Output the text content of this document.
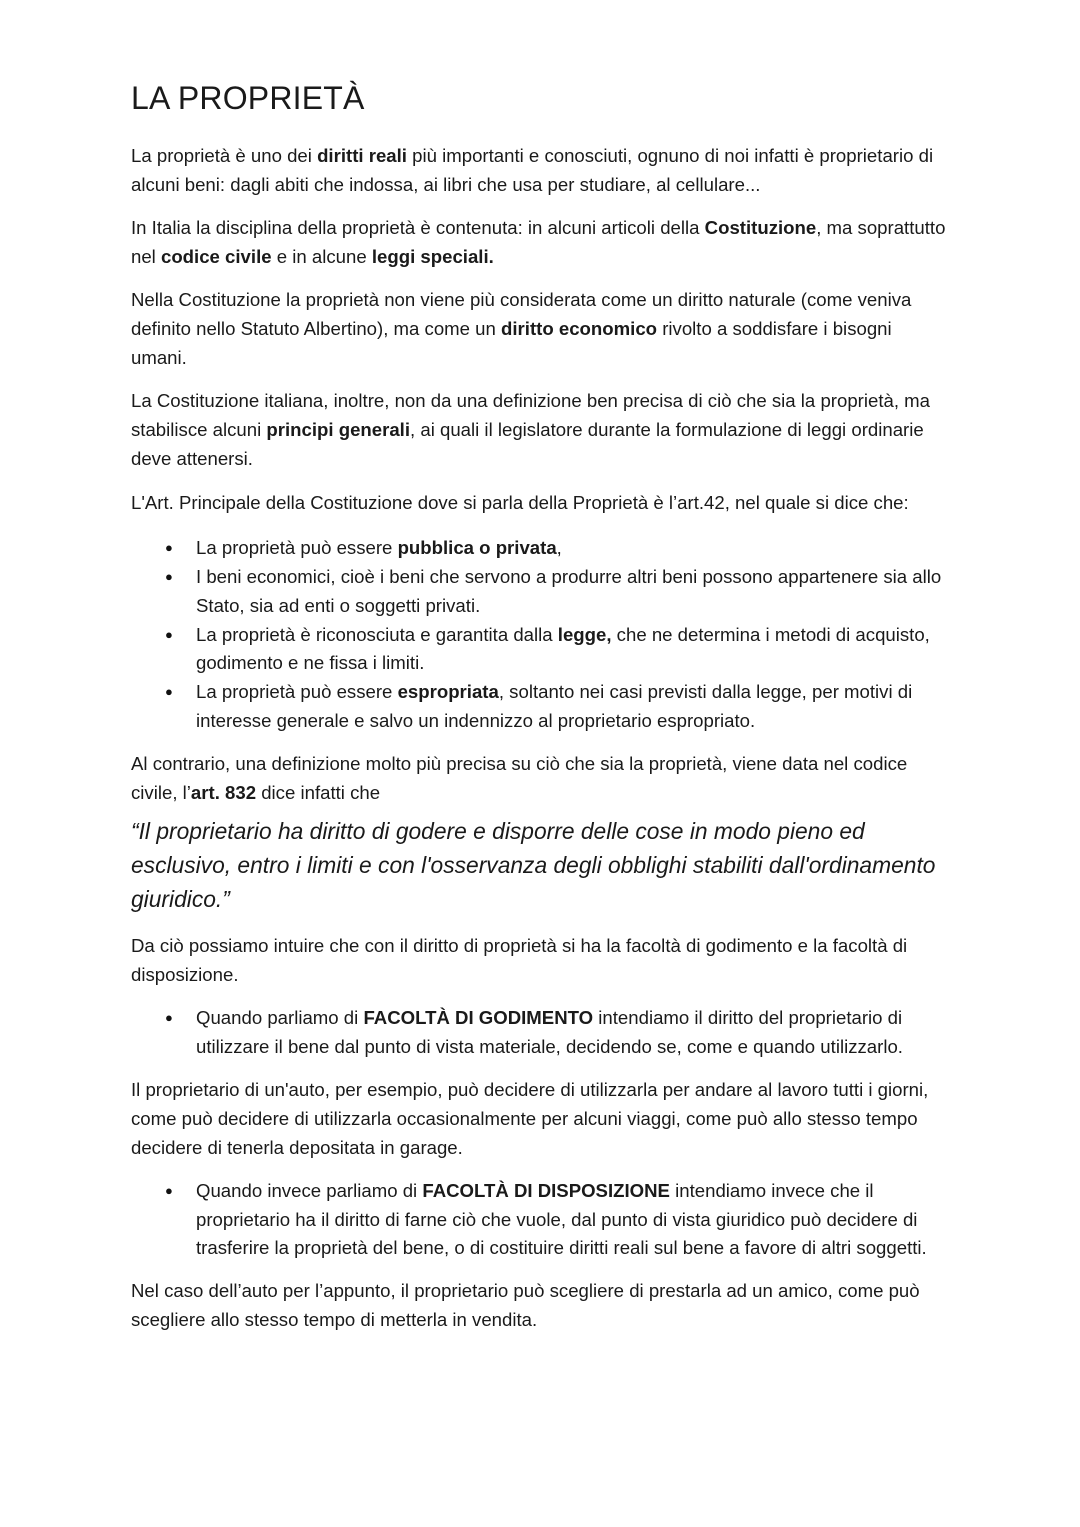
LA PROPRIETÀ

La proprietà è uno dei diritti reali più importanti e conosciuti, ognuno di noi infatti è proprietario di alcuni beni: dagli abiti che indossa, ai libri che usa per studiare, al cellulare...

In Italia la disciplina della proprietà è contenuta: in alcuni articoli della Costituzione, ma soprattutto nel codice civile e in alcune leggi speciali.

Nella Costituzione la proprietà non viene più considerata come un diritto naturale (come veniva definito nello Statuto Albertino), ma come un diritto economico rivolto a soddisfare i bisogni umani.

La Costituzione italiana, inoltre, non da una definizione ben precisa di ciò che sia la proprietà, ma stabilisce alcuni principi generali, ai quali il legislatore durante la formulazione di leggi ordinarie deve attenersi.

L'Art. Principale della Costituzione dove si parla della Proprietà è l’art.42, nel quale si dice che:

● La proprietà può essere pubblica o privata,
● I beni economici, cioè i beni che servono a produrre altri beni possono appartenere sia allo Stato, sia ad enti o soggetti privati.
● La proprietà è riconosciuta e garantita dalla legge, che ne determina i metodi di acquisto, godimento e ne fissa i limiti.
● La proprietà può essere espropriata, soltanto nei casi previsti dalla legge, per motivi di interesse generale e salvo un indennizzo al proprietario espropriato.

Al contrario, una definizione molto più precisa su ciò che sia la proprietà, viene data nel codice civile, l’art. 832 dice infatti che

“Il proprietario ha diritto di godere e disporre delle cose in modo pieno ed esclusivo, entro i limiti e con l'osservanza degli obblighi stabiliti dall'ordinamento giuridico.”

Da ciò possiamo intuire che con il diritto di proprietà si ha la facoltà di godimento e la facoltà di disposizione.

● Quando parliamo di FACOLTÀ DI GODIMENTO intendiamo il diritto del proprietario di utilizzare il bene dal punto di vista materiale, decidendo se, come e quando utilizzarlo.

Il proprietario di un'auto, per esempio, può decidere di utilizzarla per andare al lavoro tutti i giorni, come può decidere di utilizzarla occasionalmente per alcuni viaggi, come può allo stesso tempo decidere di tenerla depositata in garage.

● Quando invece parliamo di FACOLTÀ DI DISPOSIZIONE intendiamo invece che il proprietario ha il diritto di farne ciò che vuole, dal punto di vista giuridico può decidere di trasferire la proprietà del bene, o di costituire diritti reali sul bene a favore di altri soggetti.

Nel caso dell’auto per l’appunto, il proprietario può scegliere di prestarla ad un amico, come può scegliere allo stesso tempo di metterla in vendita.
